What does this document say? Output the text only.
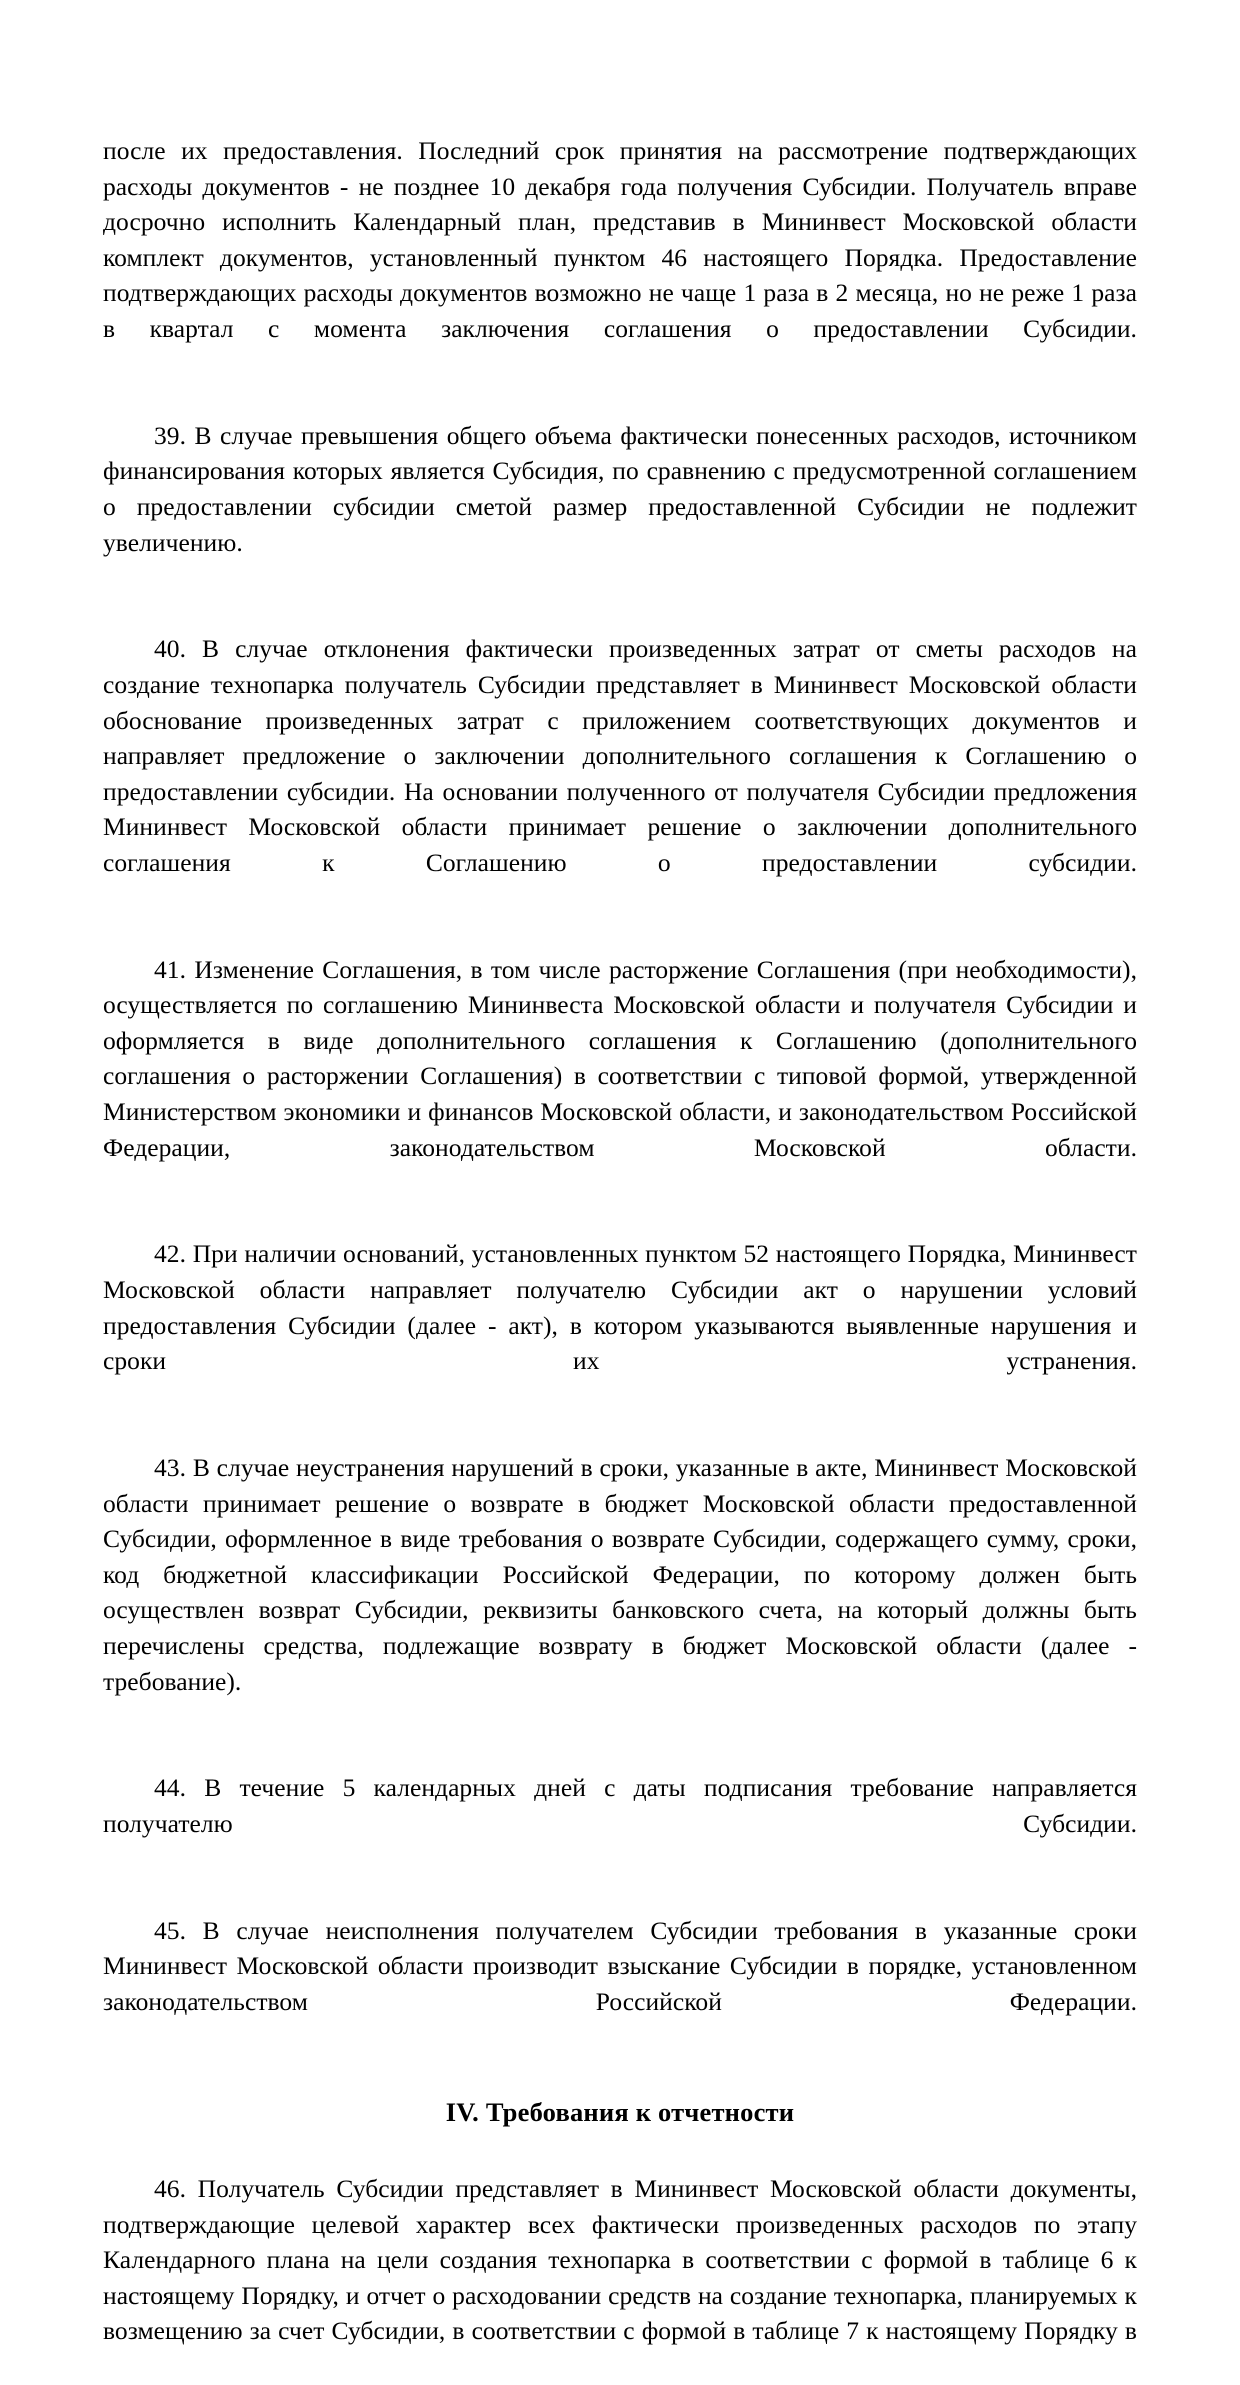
после их предоставления. Последний срок принятия на рассмотрение подтверждающих расходы документов - не позднее 10 декабря года получения Субсидии. Получатель вправе досрочно исполнить Календарный план, представив в Мининвест Московской области комплект документов, установленный пунктом 46 настоящего Порядка. Предоставление подтверждающих расходы документов возможно не чаще 1 раза в 2 месяца, но не реже 1 раза в квартал с момента заключения соглашения о предоставлении Субсидии.

39. В случае превышения общего объема фактически понесенных расходов, источником финансирования которых является Субсидия, по сравнению с предусмотренной соглашением о предоставлении субсидии сметой размер предоставленной Субсидии не подлежит увеличению.

40. В случае отклонения фактически произведенных затрат от сметы расходов на создание технопарка получатель Субсидии представляет в Мининвест Московской области обоснование произведенных затрат с приложением соответствующих документов и направляет предложение о заключении дополнительного соглашения к Соглашению о предоставлении субсидии. На основании полученного от получателя Субсидии предложения Мининвест Московской области принимает решение о заключении дополнительного соглашения к Соглашению о предоставлении субсидии.

41. Изменение Соглашения, в том числе расторжение Соглашения (при необходимости), осуществляется по соглашению Мининвеста Московской области и получателя Субсидии и оформляется в виде дополнительного соглашения к Соглашению (дополнительного соглашения о расторжении Соглашения) в соответствии с типовой формой, утвержденной Министерством экономики и финансов Московской области, и законодательством Российской Федерации, законодательством Московской области.

42. При наличии оснований, установленных пунктом 52 настоящего Порядка, Мининвест Московской области направляет получателю Субсидии акт о нарушении условий предоставления Субсидии (далее - акт), в котором указываются выявленные нарушения и сроки их устранения.

43. В случае неустранения нарушений в сроки, указанные в акте, Мининвест Московской области принимает решение о возврате в бюджет Московской области предоставленной Субсидии, оформленное в виде требования о возврате Субсидии, содержащего сумму, сроки, код бюджетной классификации Российской Федерации, по которому должен быть осуществлен возврат Субсидии, реквизиты банковского счета, на который должны быть перечислены средства, подлежащие возврату в бюджет Московской области (далее - требование).

44. В течение 5 календарных дней с даты подписания требование направляется получателю Субсидии.

45. В случае неисполнения получателем Субсидии требования в указанные сроки Мининвест Московской области производит взыскание Субсидии в порядке, установленном законодательством Российской Федерации.

IV. Требования к отчетности

46. Получатель Субсидии представляет в Мининвест Московской области документы, подтверждающие целевой характер всех фактически произведенных расходов по этапу Календарного плана на цели создания технопарка в соответствии с формой в таблице 6 к настоящему Порядку, и отчет о расходовании средств на создание технопарка, планируемых к возмещению за счет Субсидии, в соответствии с формой в таблице 7 к настоящему Порядку в
